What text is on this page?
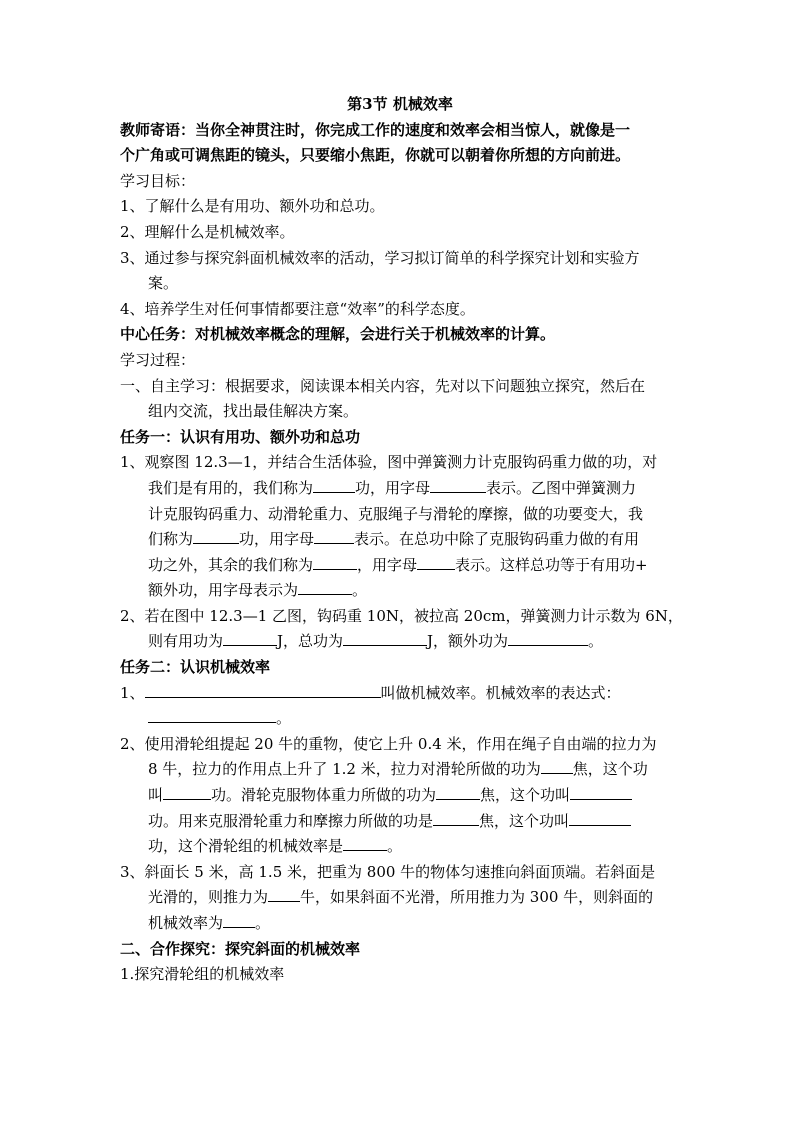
第3节 机械效率
教师寄语：当你全神贯注时，你完成工作的速度和效率会相当惊人，就像是一
个广角或可调焦距的镜头，只要缩小焦距，你就可以朝着你所想的方向前进。
学习目标：
1、了解什么是有用功、额外功和总功。
2、理解什么是机械效率。
3、通过参与探究斜面机械效率的活动，学习拟订简单的科学探究计划和实验方
案。
4、培养学生对任何事情都要注意“效率”的科学态度。
中心任务：对机械效率概念的理解，会进行关于机械效率的计算。
学习过程：
一、自主学习：根据要求，阅读课本相关内容，先对以下问题独立探究，然后在
组内交流，找出最佳解决方案。
任务一：认识有用功、额外功和总功
1、观察图 12.3—1，并结合生活体验，图中弹簧测力计克服钩码重力做的功，对
我们是有用的，我们称为	功，用字母	表示。乙图中弹簧测力
计克服钩码重力、动滑轮重力、克服绳子与滑轮的摩擦，做的功要变大，我
们称为	功，用字母	表示。在总功中除了克服钩码重力做的有用
功之外，其余的我们称为	，用字母	表示。这样总功等于有用功+
额外功，用字母表示为	。
2、若在图中 12.3—1 乙图，钩码重 10N，被拉高 20cm，弹簧测力计示数为 6N，
则有用功为	J，总功为	J，额外功为	。
任务二：认识机械效率
1、	叫做机械效率。机械效率的表达式：
。
2、使用滑轮组提起 20 牛的重物，使它上升 0.4 米，作用在绳子自由端的拉力为
8 牛，拉力的作用点上升了 1.2 米，拉力对滑轮所做的功为 焦，这个功
叫	功。滑轮克服物体重力所做的功为	焦，这个功叫
功。用来克服滑轮重力和摩擦力所做的功是	焦，这个功叫
功，这个滑轮组的机械效率是	。
3、斜面长 5 米，高 1.5 米，把重为 800 牛的物体匀速推向斜面顶端。若斜面是
光滑的，则推力为 牛，如果斜面不光滑，所用推力为 300 牛，则斜面的
机械效率为 。
二、合作探究：探究斜面的机械效率
1.探究滑轮组的机械效率
